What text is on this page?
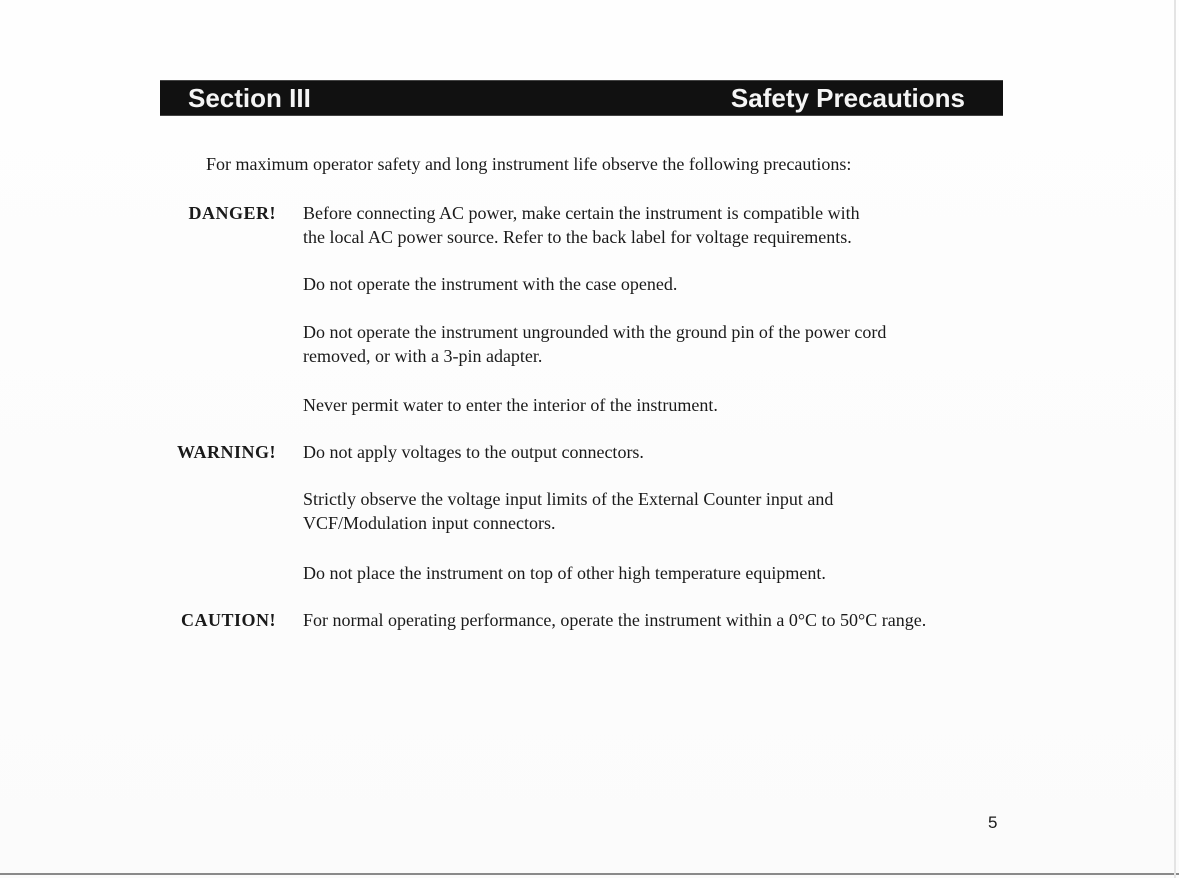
Section III	Safety Precautions
For maximum operator safety and long instrument life observe the following precautions:
DANGER! Before connecting AC power, make certain the instrument is compatible with
the local AC power source. Refer to the back label for voltage requirements.
Do not operate the instrument with the case opened.
Do not operate the instrument ungrounded with the ground pin of the power cord
removed, or with a 3-pin adapter.
Never permit water to enter the interior of the instrument.
WARNING! Do not apply voltages to the output connectors.
Strictly observe the voltage input limits of the External Counter input and
VCF/Modulation input connectors.
Do not place the instrument on top of other high temperature equipment.
CAUTION! For normal operating performance, operate the instrument within a 0°C to 50°C range.
5
